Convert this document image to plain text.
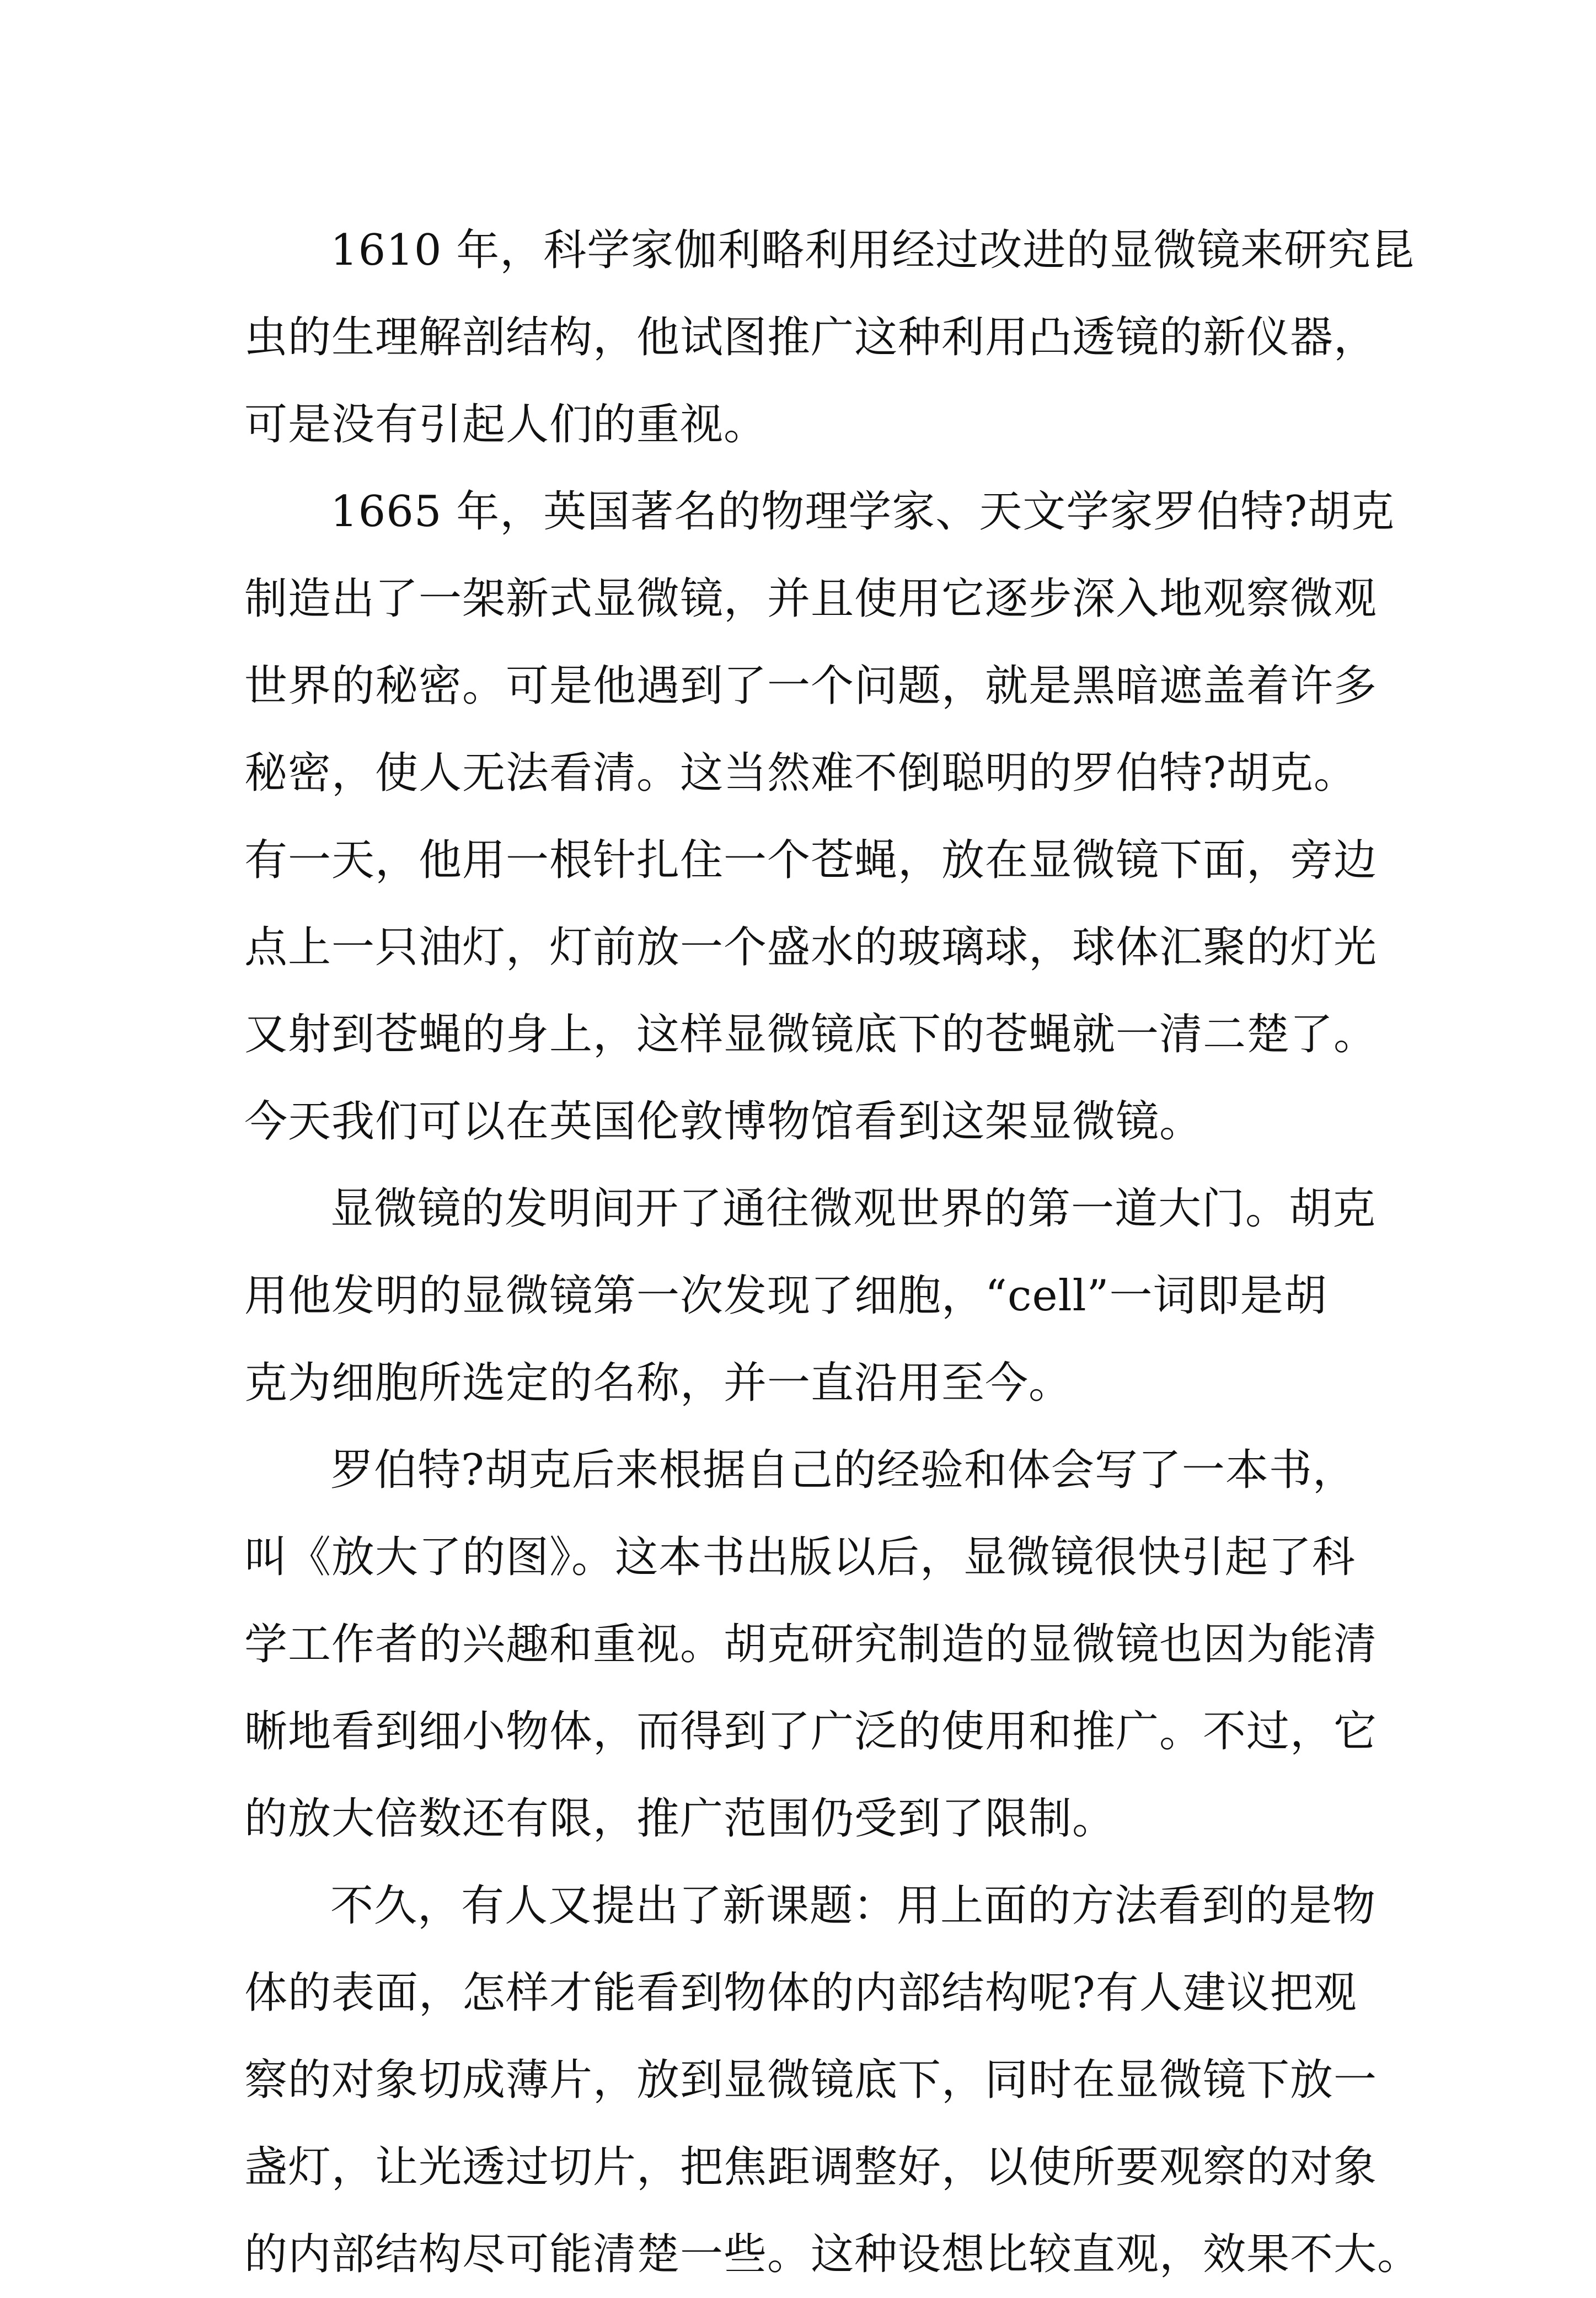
1610 年，科学家伽利略利用经过改进的显微镜来研究昆
虫的生理解剖结构，他试图推广这种利用凸透镜的新仪器，
可是没有引起人们的重视。
1665 年，英国著名的物理学家、天文学家罗伯特?胡克
制造出了一架新式显微镜，并且使用它逐步深入地观察微观
世界的秘密。可是他遇到了一个问题，就是黑暗遮盖着许多
秘密，使人无法看清。这当然难不倒聪明的罗伯特?胡克。
有一天，他用一根针扎住一个苍蝇，放在显微镜下面，旁边
点上一只油灯，灯前放一个盛水的玻璃球，球体汇聚的灯光
又射到苍蝇的身上，这样显微镜底下的苍蝇就一清二楚了。
今天我们可以在英国伦敦博物馆看到这架显微镜。
显微镜的发明间开了通往微观世界的第一道大门。胡克
用他发明的显微镜第一次发现了细胞，“cell”一词即是胡
克为细胞所选定的名称，并一直沿用至今。
罗伯特?胡克后来根据自己的经验和体会写了一本书，
叫《放大了的图》。这本书出版以后，显微镜很快引起了科
学工作者的兴趣和重视。胡克研究制造的显微镜也因为能清
晰地看到细小物体，而得到了广泛的使用和推广。不过，它
的放大倍数还有限，推广范围仍受到了限制。
不久，有人又提出了新课题：用上面的方法看到的是物
体的表面，怎样才能看到物体的内部结构呢?有人建议把观
察的对象切成薄片，放到显微镜底下，同时在显微镜下放一
盏灯，让光透过切片，把焦距调整好，以使所要观察的对象
的内部结构尽可能清楚一些。这种设想比较直观，效果不大。
